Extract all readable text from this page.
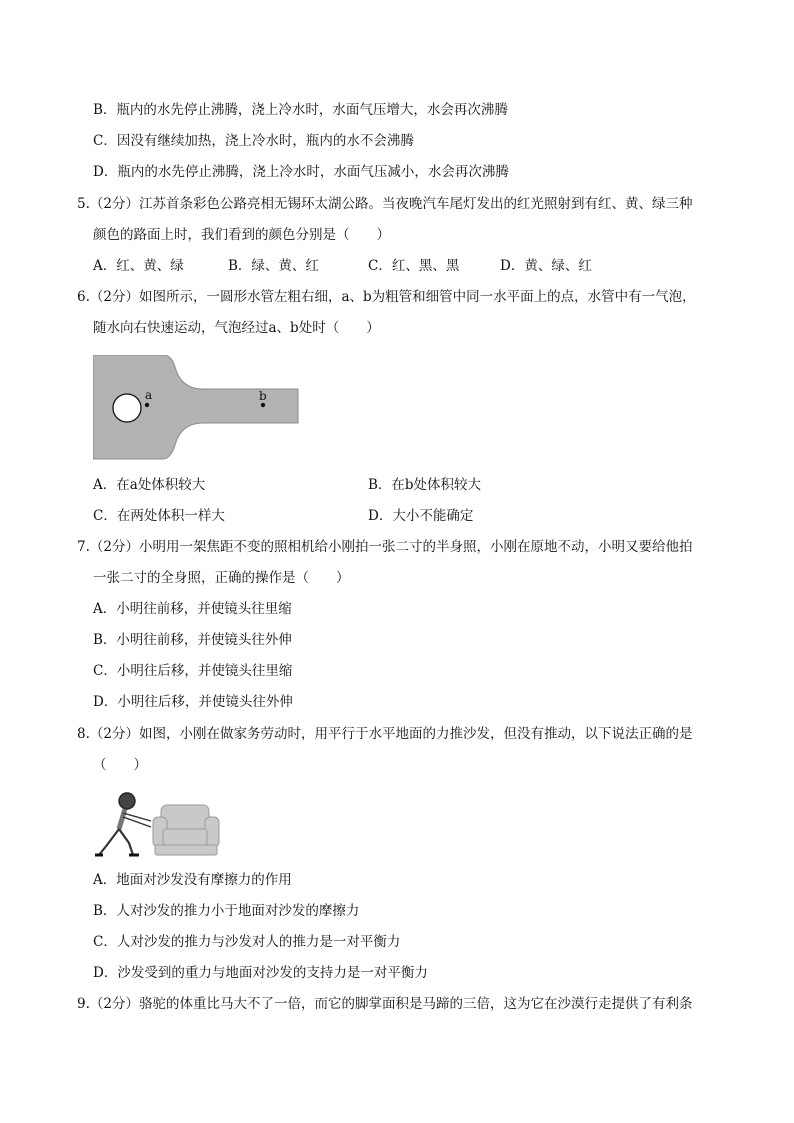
B．瓶内的水先停止沸腾，浇上冷水时，水面气压增大，水会再次沸腾
C．因没有继续加热，浇上冷水时，瓶内的水不会沸腾
D．瓶内的水先停止沸腾，浇上冷水时，水面气压减小，水会再次沸腾
5.（2分）江苏首条彩色公路亮相无锡环太湖公路。当夜晚汽车尾灯发出的红光照射到有红、黄、绿三种
颜色的路面上时，我们看到的颜色分别是（　　）
A．红、黄、绿	B．绿、黄、红	C．红、黑、黑	D．黄、绿、红
6.（2分）如图所示，一圆形水管左粗右细，a、b为粗管和细管中同一水平面上的点，水管中有一气泡，
随水向右快速运动，气泡经过a、b处时（　　）
a	b
A．在a处体积较大	B．在b处体积较大
C．在两处体积一样大	D．大小不能确定
7.（2分）小明用一架焦距不变的照相机给小刚拍一张二寸的半身照，小刚在原地不动，小明又要给他拍
一张二寸的全身照，正确的操作是（　　）
A．小明往前移，并使镜头往里缩
B．小明往前移，并使镜头往外伸
C．小明往后移，并使镜头往里缩
D．小明往后移，并使镜头往外伸
8.（2分）如图，小刚在做家务劳动时，用平行于水平地面的力推沙发，但没有推动，以下说法正确的是
（　　）
A．地面对沙发没有摩擦力的作用
B．人对沙发的推力小于地面对沙发的摩擦力
C．人对沙发的推力与沙发对人的推力是一对平衡力
D．沙发受到的重力与地面对沙发的支持力是一对平衡力
9.（2分）骆驼的体重比马大不了一倍，而它的脚掌面积是马蹄的三倍，这为它在沙漠行走提供了有利条
